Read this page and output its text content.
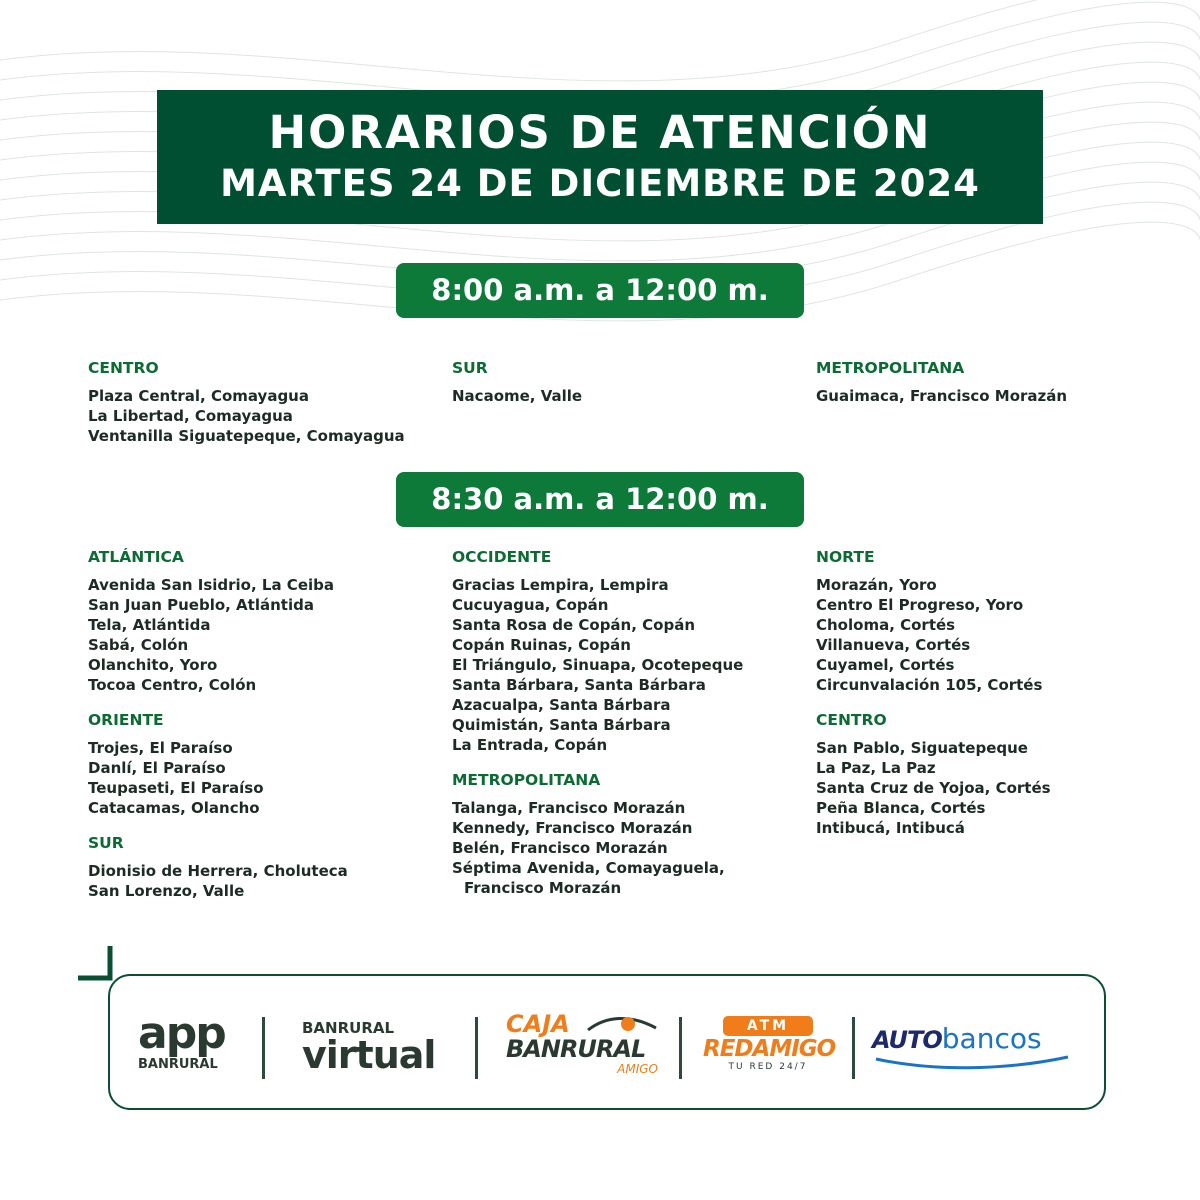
HORARIOS DE ATENCIÓN
MARTES 24 DE DICIEMBRE DE 2024
8:00 a.m. a 12:00 m.
CENTRO
Plaza Central, Comayagua
La Libertad, Comayagua
Ventanilla Siguatepeque, Comayagua
SUR
Nacaome, Valle
METROPOLITANA
Guaimaca, Francisco Morazán
8:30 a.m. a 12:00 m.
ATLÁNTICA
Avenida San Isidrio, La Ceiba
San Juan Pueblo, Atlántida
Tela, Atlántida
Sabá, Colón
Olanchito, Yoro
Tocoa Centro, Colón
ORIENTE
Trojes, El Paraíso
Danlí, El Paraíso
Teupaseti, El Paraíso
Catacamas, Olancho
SUR
Dionisio de Herrera, Choluteca
San Lorenzo, Valle
OCCIDENTE
Gracias Lempira, Lempira
Cucuyagua, Copán
Santa Rosa de Copán, Copán
Copán Ruinas, Copán
El Triángulo, Sinuapa, Ocotepeque
Santa Bárbara, Santa Bárbara
Azacualpa, Santa Bárbara
Quimistán, Santa Bárbara
La Entrada, Copán
METROPOLITANA
Talanga, Francisco Morazán
Kennedy, Francisco Morazán
Belén, Francisco Morazán
Séptima Avenida, Comayaguela,
Francisco Morazán
NORTE
Morazán, Yoro
Centro El Progreso, Yoro
Choloma, Cortés
Villanueva, Cortés
Cuyamel, Cortés
Circunvalación 105, Cortés
CENTRO
San Pablo, Siguatepeque
La Paz, La Paz
Santa Cruz de Yojoa, Cortés
Peña Blanca, Cortés
Intibucá, Intibucá
app
BANRURAL
BANRURAL
virtual
CAJA
BANRURAL
AMIGO
ATM
REDAMIGO
TU RED 24/7
AUTObancos
